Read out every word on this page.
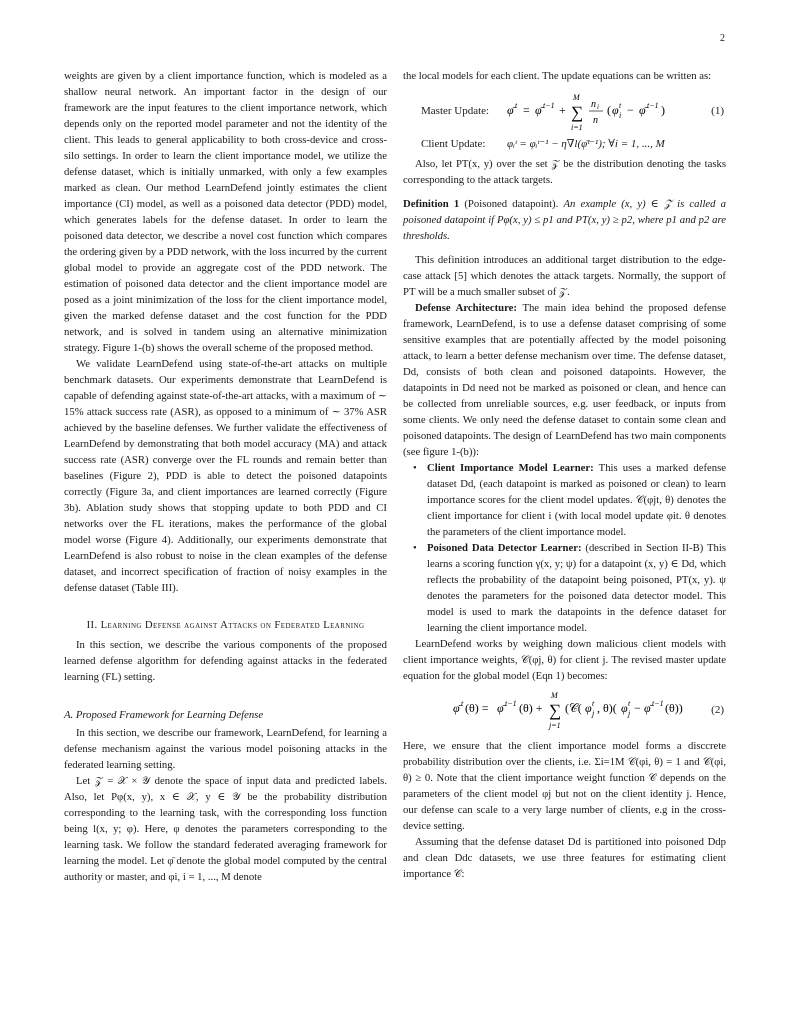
2

weights are given by a client importance function, which is modeled as a shallow neural network. An important factor in the design of our framework are the input features to the client importance network, which depends only on the reported model parameter and not the identity of the client. This leads to general applicability to both cross-device and cross-silo settings. In order to learn the client importance model, we utilize the defense dataset, which is initially unmarked, with only a few examples marked as clean. Our method LearnDefend jointly estimates the client importance (CI) model, as well as a poisoned data detector (PDD) model, which generates labels for the defense dataset. In order to learn the poisoned data detector, we describe a novel cost function which compares the ordering given by a PDD network, with the loss incurred by the current global model to provide an aggregate cost of the PDD network. The estimation of poisoned data detector and the client importance model are posed as a joint minimization of the loss for the client importance model, given the marked defense dataset and the cost function for the PDD network, and is solved in tandem using an alternative minimization strategy. Figure 1-(b) shows the overall scheme of the proposed method.

We validate LearnDefend using state-of-the-art attacks on multiple benchmark datasets. Our experiments demonstrate that LearnDefend is capable of defending against state-of-the-art attacks, with a maximum of ∼ 15% attack success rate (ASR), as opposed to a minimum of ∼ 37% ASR achieved by the baseline defenses. We further validate the effectiveness of LearnDefend by demonstrating that both model accuracy (MA) and attack success rate (ASR) converge over the FL rounds and remain better than baselines (Figure 2), PDD is able to detect the poisoned datapoints correctly (Figure 3a, and client importances are learned correctly (Figure 3b). Ablation study shows that stopping update to both PDD and CI networks over the FL iterations, makes the performance of the global model worse (Figure 4). Additionally, our experiments demonstrate that LearnDefend is also robust to noise in the clean examples of the defense dataset, and incorrect specification of fraction of noisy examples in the defense dataset (Table III).

II. Learning Defense against Attacks on Federated Learning

In this section, we describe the various components of the proposed learned defense algorithm for defending against attacks in the federated learning (FL) setting.

A. Proposed Framework for Learning Defense

In this section, we describe our framework, LearnDefend, for learning a defense mechanism against the various model poisoning attacks in the federated learning setting.

Let 𝒵 = 𝒳 × 𝒴 denote the space of input data and predicted labels. Also, let Pφ(x, y), x ∈ 𝒳, y ∈ 𝒴 be the probability distribution corresponding to the learning task, with the corresponding loss function being l(x, y; φ). Here, φ denotes the parameters corresponding to the learning task. We follow the standard federated averaging framework for learning the model. Let φ̄ denote the global model computed by the central authority or master, and φi, i = 1, ..., M denote

the local models for each client. The update equations can be written as:

Master Update: φ̄ t = φ̄ t−1 +
M
∑
i=1
n i
n
( φ t
i − φ̄ t−1 )	(1)
Client Update: φᵢᵗ = φᵢᵗ⁻¹ − η∇l(φ̄ᵗ⁻¹); ∀i = 1, ..., M

Also, let PT(x, y) over the set 𝒵 be the distribution denoting the tasks corresponding to the attack targets.

Definition 1 (Poisoned datapoint). An example (x, y) ∈ 𝒵 is called a poisoned datapoint if Pφ(x, y) ≤ p1 and PT(x, y) ≥ p2, where p1 and p2 are thresholds.

This definition introduces an additional target distribution to the edge-case attack [5] which denotes the attack targets. Normally, the support of PT will be a much smaller subset of 𝒵.

Defense Architecture: The main idea behind the proposed defense framework, LearnDefend, is to use a defense dataset comprising of some sensitive examples that are potentially affected by the model poisoning attack, to learn a better defense mechanism over time. The defense dataset, Dd, consists of both clean and poisoned datapoints. However, the datapoints in Dd need not be marked as poisoned or clean, and hence can be collected from unreliable sources, e.g. user feedback, or inputs from some clients. We only need the defense dataset to contain some clean and poisoned datapoints. The design of LearnDefend has two main components (see figure 1-(b)):

• Client Importance Model Learner: This uses a marked defense dataset Dd, (each datapoint is marked as poisoned or clean) to learn importance scores for the client model updates. 𝒞(φjt, θ) denotes the client importance for client i (with local model update φit. θ denotes the parameters of the client importance model.
• Poisoned Data Detector Learner: (described in Section II-B) This learns a scoring function γ(x, y; ψ) for a datapoint (x, y) ∈ Dd, which reflects the probability of the datapoint being poisoned, PT(x, y). ψ denotes the parameters for the poisoned data detector model. This model is used to mark the datapoints in the defence dataset for learning the client importance model.

LearnDefend works by weighing down malicious client models with client importance weights, 𝒞(φj, θ) for client j. The revised master update equation for the global model (Eqn 1) becomes:

φ̄ t (θ) = φ̄ t−1 (θ) +
M
∑
j=1
(𝒞( φ t
j , θ)( φ t
j − φ̄ t−1 (θ))	(2)

Here, we ensure that the client importance model forms a disccrete probability distribution over the clients, i.e. Σi=1M 𝒞(φi, θ) = 1 and 𝒞(φi, θ) ≥ 0. Note that the client importance weight function 𝒞 depends on the parameters of the client model φj but not on the client identity j. Hence, our defense can scale to a very large number of clients, e.g in the cross-device setting.

Assuming that the defense dataset Dd is partitioned into poisoned Ddp and clean Ddc datasets, we use three features for estimating client importance 𝒞:
